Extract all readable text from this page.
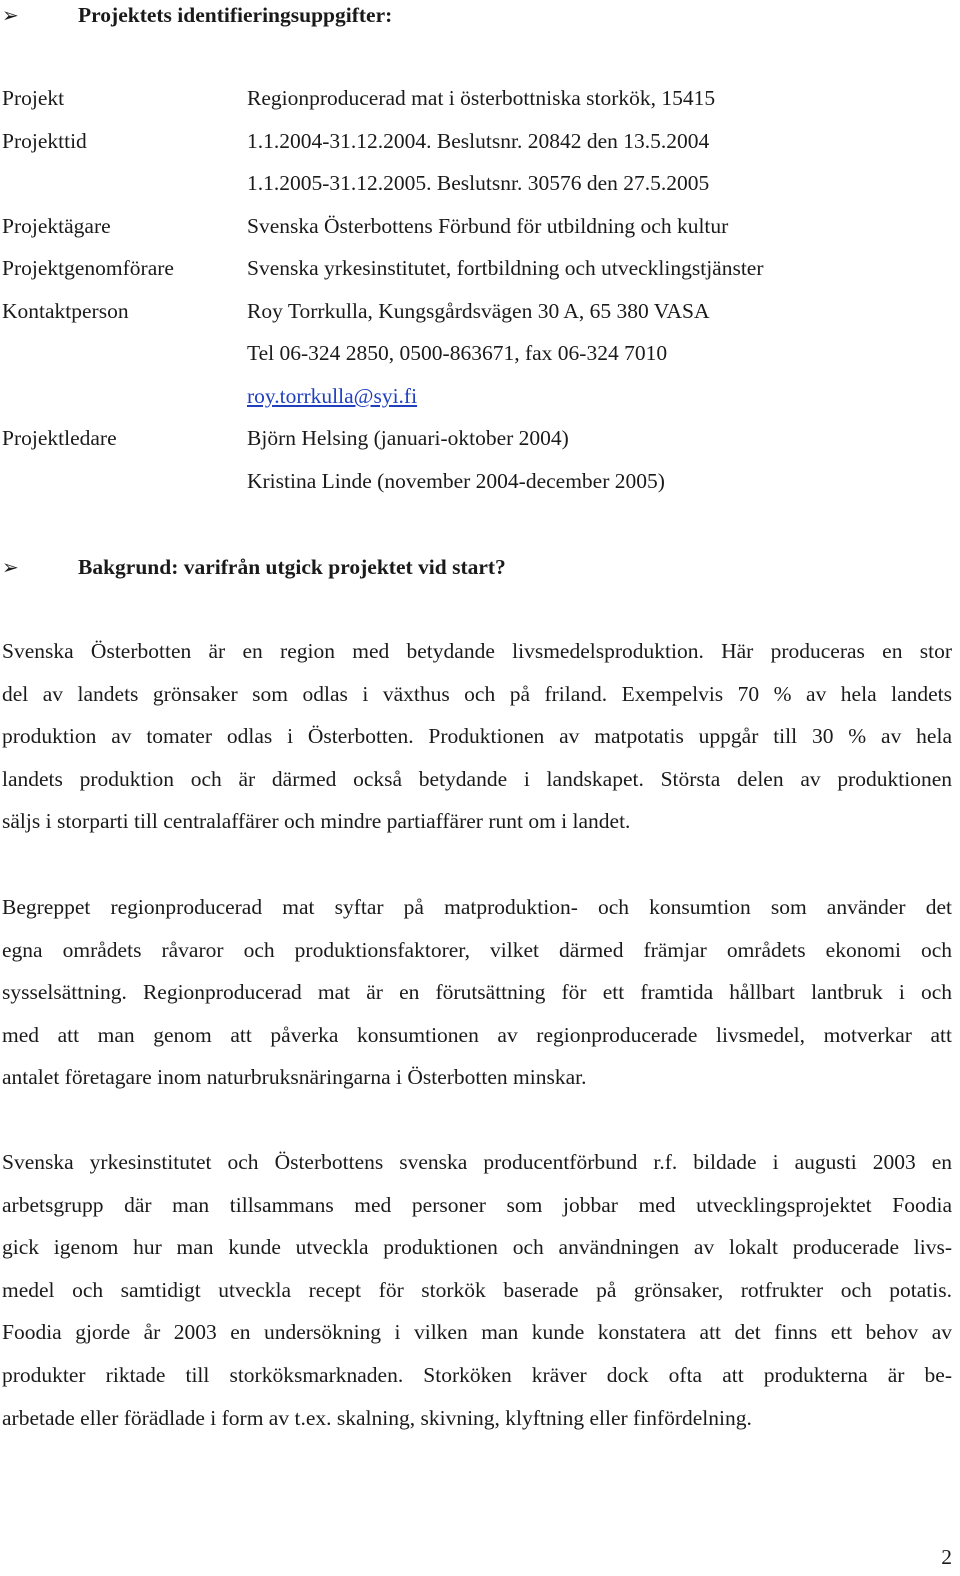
➢	Projektets identifieringsuppgifter:
Projekt	Regionproducerad mat i österbottniska storkök, 15415
Projekttid	1.1.2004-31.12.2004. Beslutsnr. 20842 den 13.5.2004
1.1.2005-31.12.2005. Beslutsnr. 30576 den 27.5.2005
Projektägare	Svenska Österbottens Förbund för utbildning och kultur
Projektgenomförare	Svenska yrkesinstitutet, fortbildning och utvecklingstjänster
Kontaktperson	Roy Torrkulla, Kungsgårdsvägen 30 A, 65 380 VASA
Tel 06-324 2850, 0500-863671, fax 06-324 7010
roy.torrkulla@syi.fi
Projektledare	Björn Helsing (januari-oktober 2004)
Kristina Linde (november 2004-december 2005)
➢	Bakgrund: varifrån utgick projektet vid start?
Svenska Österbotten är en region med betydande livsmedelsproduktion. Här produceras en stor
del av landets grönsaker som odlas i växthus och på friland. Exempelvis 70 % av hela landets
produktion av tomater odlas i Österbotten. Produktionen av matpotatis uppgår till 30 % av hela
landets produktion och är därmed också betydande i landskapet. Största delen av produktionen
säljs i storparti till centralaffärer och mindre partiaffärer runt om i landet.
Begreppet regionproducerad mat syftar på matproduktion- och konsumtion som använder det
egna områdets råvaror och produktionsfaktorer, vilket därmed främjar områdets ekonomi och
sysselsättning. Regionproducerad mat är en förutsättning för ett framtida hållbart lantbruk i och
med att man genom att påverka konsumtionen av regionproducerade livsmedel, motverkar att
antalet företagare inom naturbruksnäringarna i Österbotten minskar.
Svenska yrkesinstitutet och Österbottens svenska producentförbund r.f. bildade i augusti 2003 en
arbetsgrupp där man tillsammans med personer som jobbar med utvecklingsprojektet Foodia
gick igenom hur man kunde utveckla produktionen och användningen av lokalt producerade livs-
medel och samtidigt utveckla recept för storkök baserade på grönsaker, rotfrukter och potatis.
Foodia gjorde år 2003 en undersökning i vilken man kunde konstatera att det finns ett behov av
produkter riktade till storköksmarknaden. Storköken kräver dock ofta att produkterna är be-
arbetade eller förädlade i form av t.ex. skalning, skivning, klyftning eller finfördelning.
2
